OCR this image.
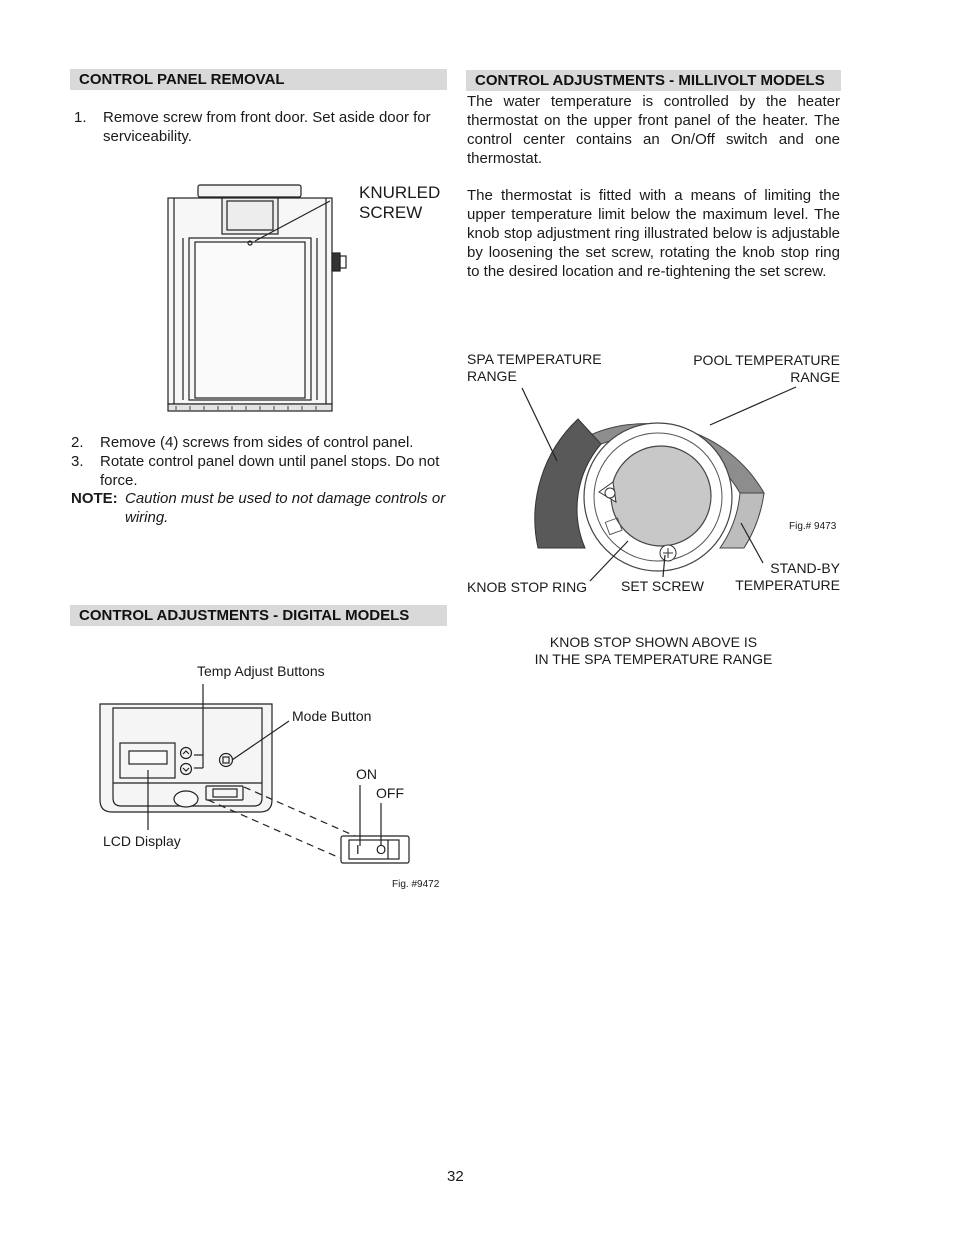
CONTROL PANEL REMOVAL
1. Remove screw from front door. Set aside door for serviceability.
KNURLED
SCREW
2. Remove (4) screws from sides of control panel.
3. Rotate control panel down until panel stops. Do not force.
NOTE: Caution must be used to not damage controls or wiring.
CONTROL ADJUSTMENTS - DIGITAL MODELS
Temp Adjust Buttons
Mode Button
ON
OFF
LCD Display
I O
Fig. #9472
CONTROL ADJUSTMENTS - MILLIVOLT MODELS
The water temperature is controlled by the heater thermostat on the upper front panel of the heater. The control center contains an On/Off switch and one thermostat.
The thermostat is fitted with a means of limiting the upper temperature limit below the maximum level. The knob stop adjustment ring illustrated below is adjustable by loosening the set screw, rotating the knob stop ring to the desired location and re-tightening the set screw.
SPA TEMPERATURE
RANGE
POOL TEMPERATURE
RANGE
Fig.# 9473
STAND-BY
TEMPERATURE
KNOB STOP RING SET SCREW
KNOB STOP SHOWN ABOVE IS
IN THE SPA TEMPERATURE RANGE
32
